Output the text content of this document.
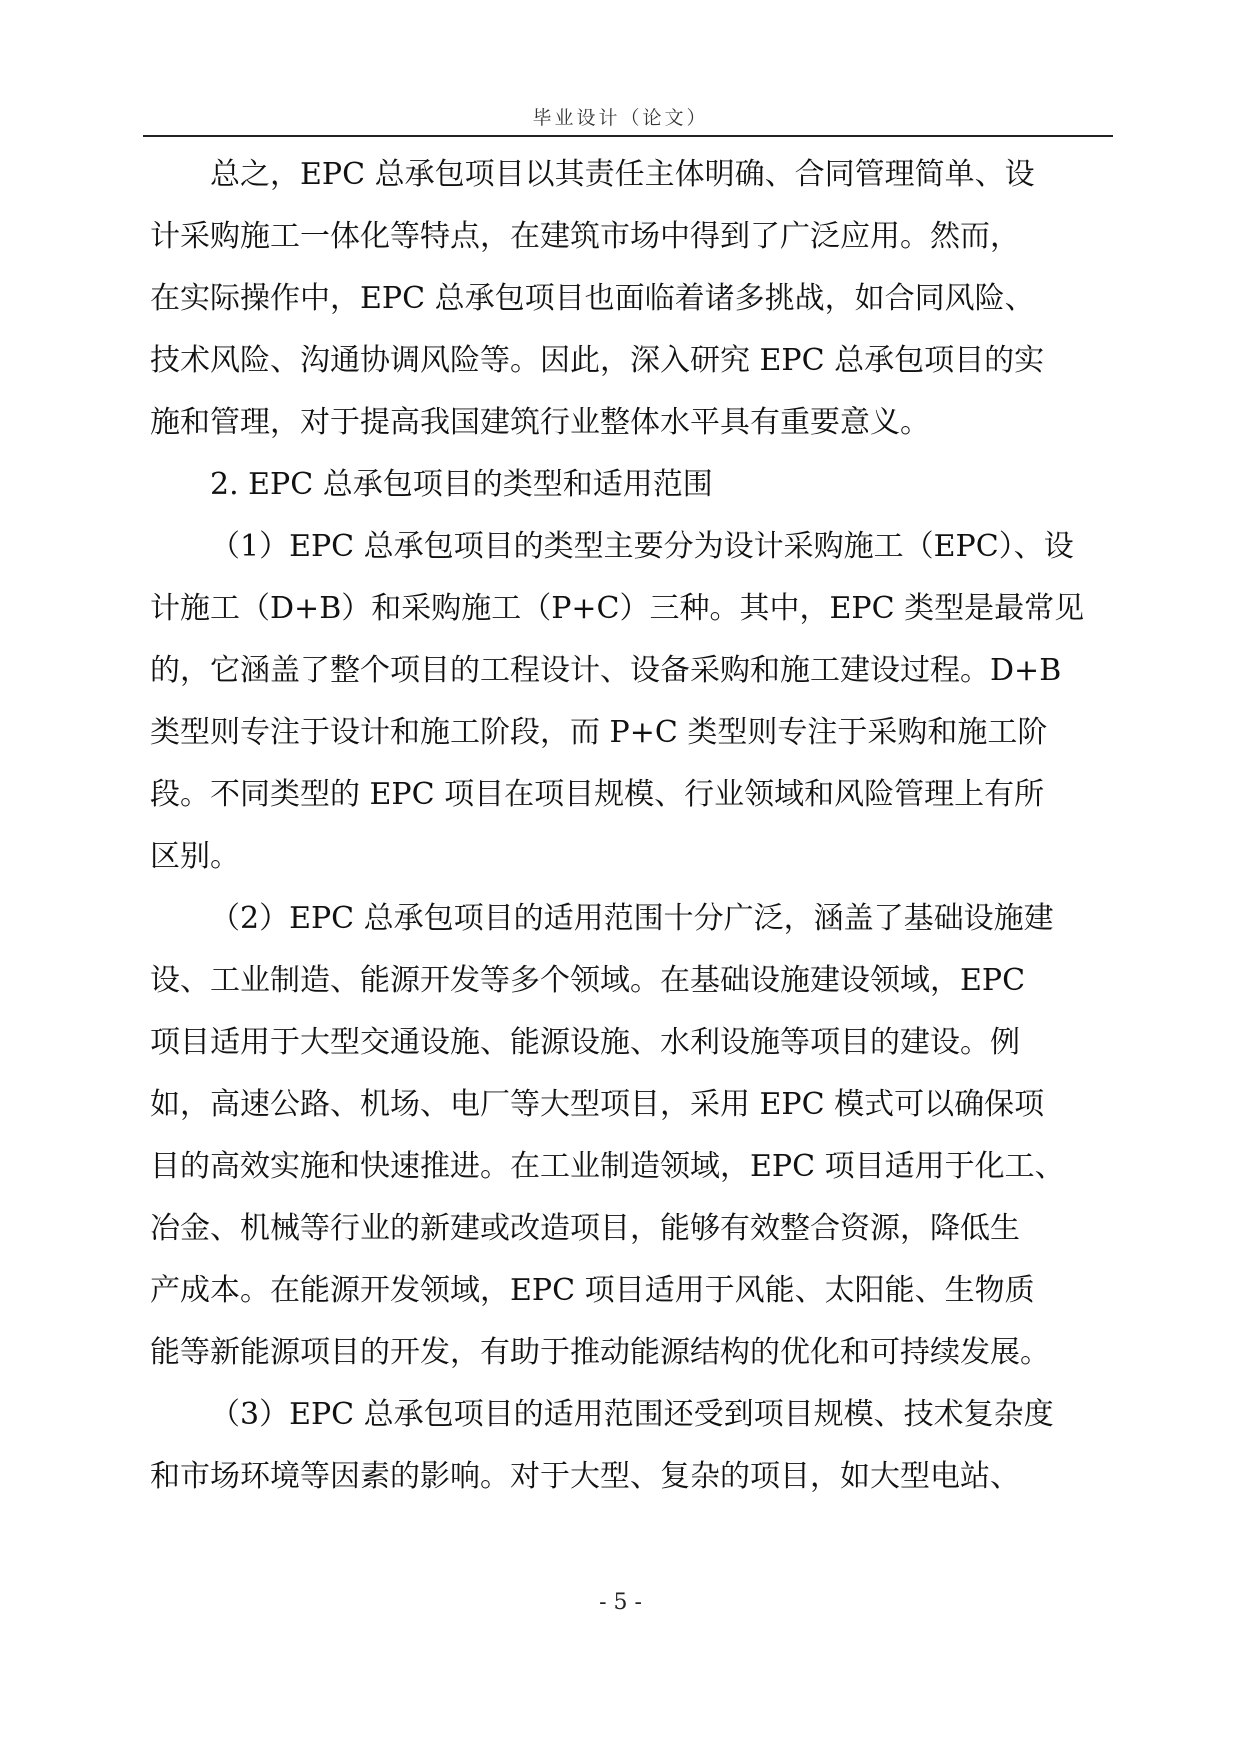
毕业设计（论文）
总之，EPC 总承包项目以其责任主体明确、合同管理简单、设
计采购施工一体化等特点，在建筑市场中得到了广泛应用。然而，
在实际操作中，EPC 总承包项目也面临着诸多挑战，如合同风险、
技术风险、沟通协调风险等。因此，深入研究 EPC 总承包项目的实
施和管理，对于提高我国建筑行业整体水平具有重要意义。
2. EPC 总承包项目的类型和适用范围
（1）EPC 总承包项目的类型主要分为设计采购施工（EPC）、设
计施工（D+B）和采购施工（P+C）三种。其中，EPC 类型是最常见
的，它涵盖了整个项目的工程设计、设备采购和施工建设过程。D+B
类型则专注于设计和施工阶段，而 P+C 类型则专注于采购和施工阶
段。不同类型的 EPC 项目在项目规模、行业领域和风险管理上有所
区别。
（2）EPC 总承包项目的适用范围十分广泛，涵盖了基础设施建
设、工业制造、能源开发等多个领域。在基础设施建设领域，EPC
项目适用于大型交通设施、能源设施、水利设施等项目的建设。例
如，高速公路、机场、电厂等大型项目，采用 EPC 模式可以确保项
目的高效实施和快速推进。在工业制造领域，EPC 项目适用于化工、
冶金、机械等行业的新建或改造项目，能够有效整合资源，降低生
产成本。在能源开发领域，EPC 项目适用于风能、太阳能、生物质
能等新能源项目的开发，有助于推动能源结构的优化和可持续发展。
（3）EPC 总承包项目的适用范围还受到项目规模、技术复杂度
和市场环境等因素的影响。对于大型、复杂的项目，如大型电站、
- 5 -
